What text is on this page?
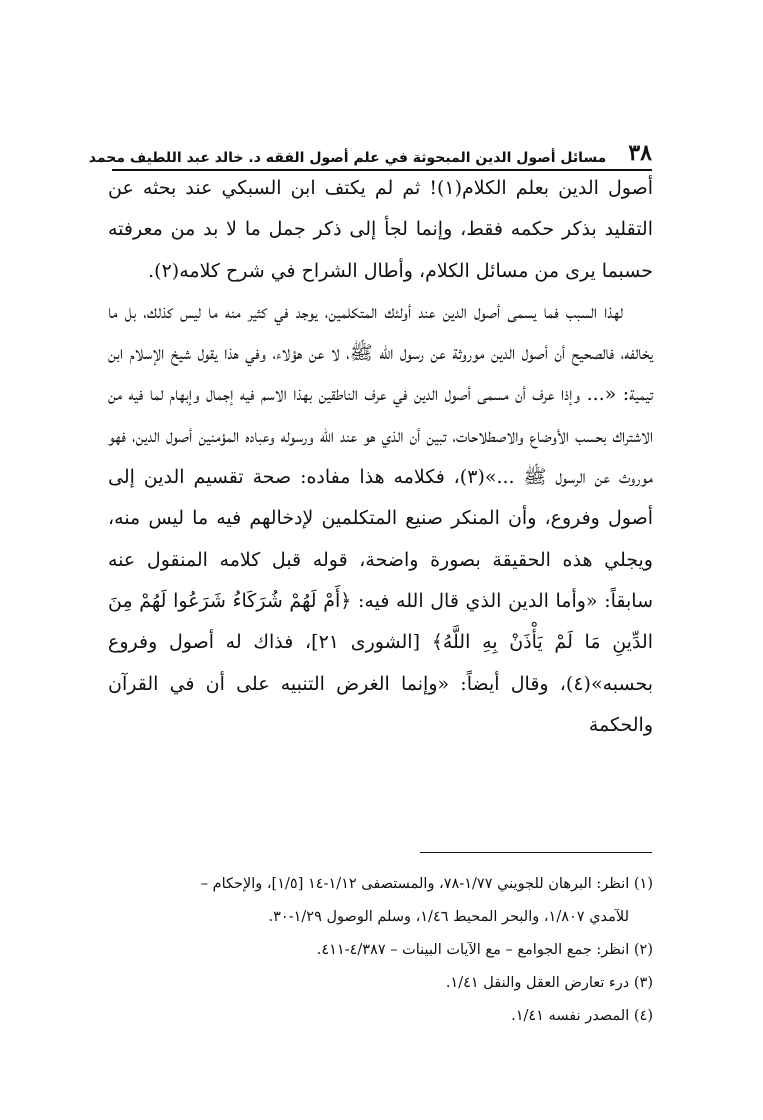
٣٨
مسائل أصول الدين المبحوثة في علم أصول الفقه د. خالد عبد اللطيف محمد

أصول الدين بعلم الكلام(١)! ثم لم يكتف ابن السبكي عند بحثه عن التقليد بذكر حكمه فقط، وإنما لجأ إلى ذكر جمل ما لا بد من معرفته حسبما يرى من مسائل الكلام، وأطال الشراح في شرح كلامه(٢).

لهذا السبب فما يسمى أصول الدين عند أولئك المتكلمين، يوجد في كثير منه ما ليس كذلك، بل ما يخالفه، فالصحيح أن أصول الدين موروثة عن رسول الله ﷺ، لا عن هؤلاء، وفي هذا يقول شيخ الإسلام ابن تيمية: «... وإذا عرف أن مسمى أصول الدين في عرف الناطقين بهذا الاسم فيه إجمال وإبهام لما فيه من الاشتراك بحسب الأوضاع والاصطلاحات، تبين أن الذي هو عند الله ورسوله وعباده المؤمنين أصول الدين، فهو موروث عن الرسول ﷺ ...»(٣)، فكلامه هذا مفاده: صحة تقسيم الدين إلى أصول وفروع، وأن المنكر صنيع المتكلمين لإدخالهم فيه ما ليس منه، ويجلي هذه الحقيقة بصورة واضحة، قوله قبل كلامه المنقول عنه سابقاً: «وأما الدين الذي قال الله فيه: ﴿أَمْ لَهُمْ شُرَكَاءُ شَرَعُوا لَهُمْ مِنَ الدِّينِ مَا لَمْ يَأْذَنْ بِهِ اللَّهُ﴾ [الشورى ٢١]، فذاك له أصول وفروع بحسبه»(٤)، وقال أيضاً: «وإنما الغرض التنبيه على أن في القرآن والحكمة

(١) انظر: البرهان للجويني ١/٧٧-٧٨، والمستصفى ١/١٢-١٤ [١/٥]، والإحكام –

للآمدي ١/٨٠٧، والبحر المحيط ١/٤٦، وسلم الوصول ١/٢٩-٣٠.

(٢) انظر: جمع الجوامع – مع الآيات البينات – ٤/٣٨٧-٤١١.

(٣) درء تعارض العقل والنقل ١/٤١.

(٤) المصدر نفسه ١/٤١.
